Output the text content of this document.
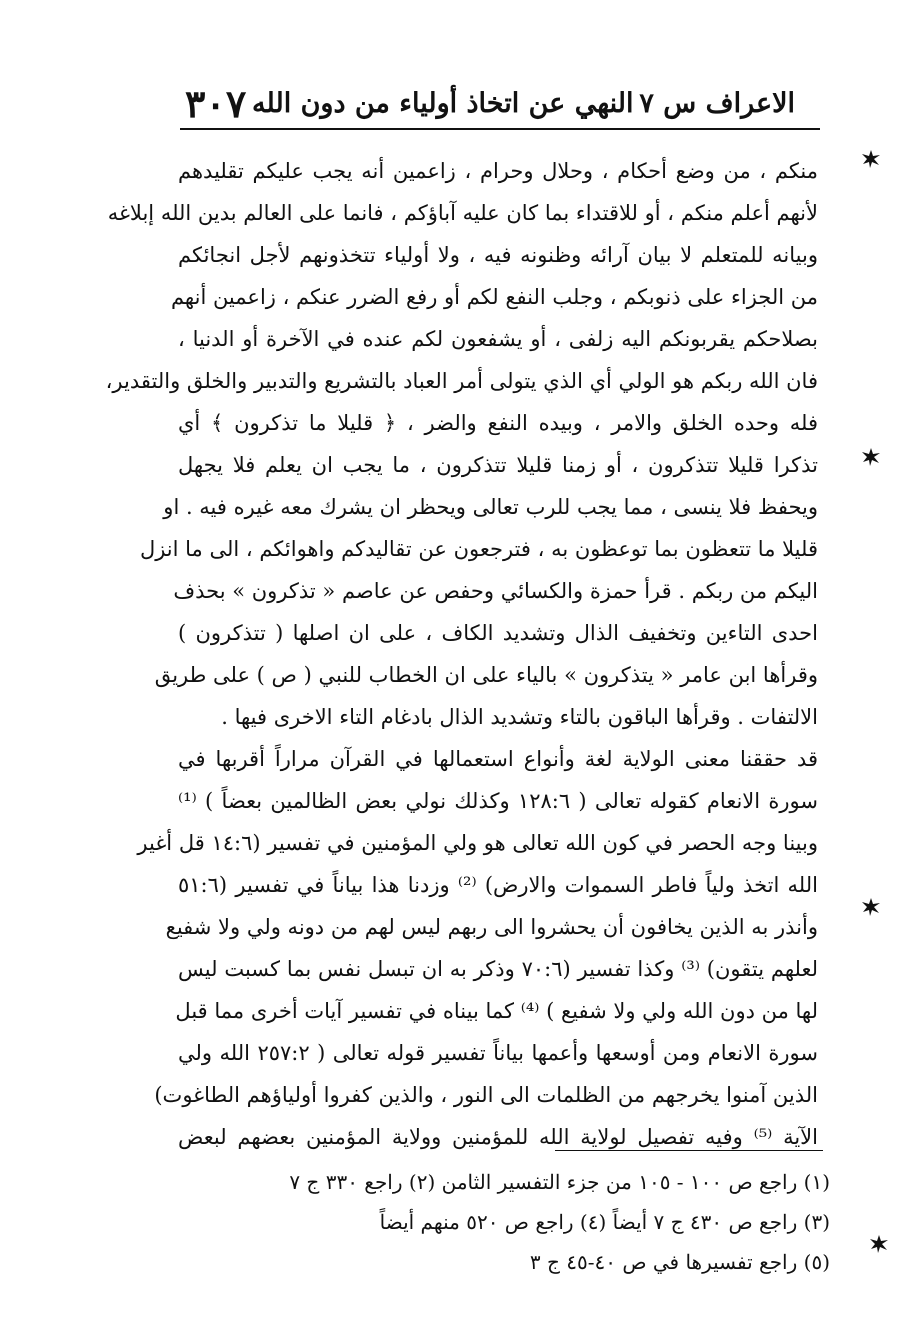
الاعراف س ٧
النهي عن اتخاذ أولياء من دون الله
٣٠٧
منكم ، من وضع أحكام ، وحلال وحرام ، زاعمين أنه يجب عليكم تقليدهم
لأنهم أعلم منكم ، أو للاقتداء بما كان عليه آباؤكم ، فانما على العالم بدين الله إبلاغه
وبيانه للمتعلم لا بيان آرائه وظنونه فيه ، ولا أولياء تتخذونهم لأجل انجائكم
من الجزاء على ذنوبكم ، وجلب النفع لكم أو رفع الضرر عنكم ، زاعمين أنهم
بصلاحكم يقربونكم اليه زلفى ، أو يشفعون لكم عنده في الآخرة أو الدنيا ،
فان الله ربكم هو الولي أي الذي يتولى أمر العباد بالتشريع والتدبير والخلق والتقدير،
فله وحده الخلق والامر ، وبيده النفع والضر ، ﴿ قليلا ما تذكرون ﴾ أي
تذكرا قليلا تتذكرون ، أو زمنا قليلا تتذكرون ، ما يجب ان يعلم فلا يجهل
ويحفظ فلا ينسى ، مما يجب للرب تعالى ويحظر ان يشرك معه غيره فيه . او
قليلا ما تتعظون بما توعظون به ، فترجعون عن تقاليدكم واهوائكم ، الى ما انزل
اليكم من ربكم . قرأ حمزة والكسائي وحفص عن عاصم « تذكرون » بحذف
احدى التاءين وتخفيف الذال وتشديد الكاف ، على ان اصلها ( تتذكرون )
وقرأها ابن عامر « يتذكرون » بالياء على ان الخطاب للنبي ( ص ) على طريق
الالتفات . وقرأها الباقون بالتاء وتشديد الذال بادغام التاء الاخرى فيها .
قد حققنا معنى الولاية لغة وأنواع استعمالها في القرآن مراراً أقربها في
سورة الانعام كقوله تعالى ( ١٢٨:٦ وكذلك نولي بعض الظالمين بعضاً ) ⁽¹⁾
وبينا وجه الحصر في كون الله تعالى هو ولي المؤمنين في تفسير (١٤:٦ قل أغير
الله اتخذ ولياً فاطر السموات والارض) ⁽²⁾ وزدنا هذا بياناً في تفسير (٥١:٦
وأنذر به الذين يخافون أن يحشروا الى ربهم ليس لهم من دونه ولي ولا شفيع
لعلهم يتقون) ⁽³⁾ وكذا تفسير (٧٠:٦ وذكر به ان تبسل نفس بما كسبت ليس
لها من دون الله ولي ولا شفيع ) ⁽⁴⁾ كما بيناه في تفسير آيات أخرى مما قبل
سورة الانعام ومن أوسعها وأعمها بياناً تفسير قوله تعالى ( ٢٥٧:٢ الله ولي
الذين آمنوا يخرجهم من الظلمات الى النور ، والذين كفروا أولياؤهم الطاغوت)
الآية ⁽⁵⁾ وفيه تفصيل لولاية الله للمؤمنين وولاية المؤمنين بعضهم لبعض
(١) راجع ص ١٠٠ - ١٠٥ من جزء التفسير الثامن (٢) راجع ٣٣٠ ج ٧
(٣) راجع ص ٤٣٠ ج ٧ أيضاً (٤) راجع ص ٥٢٠ منهم أيضاً
(٥) راجع تفسيرها في ص ٤٠-٤٥ ج ٣
